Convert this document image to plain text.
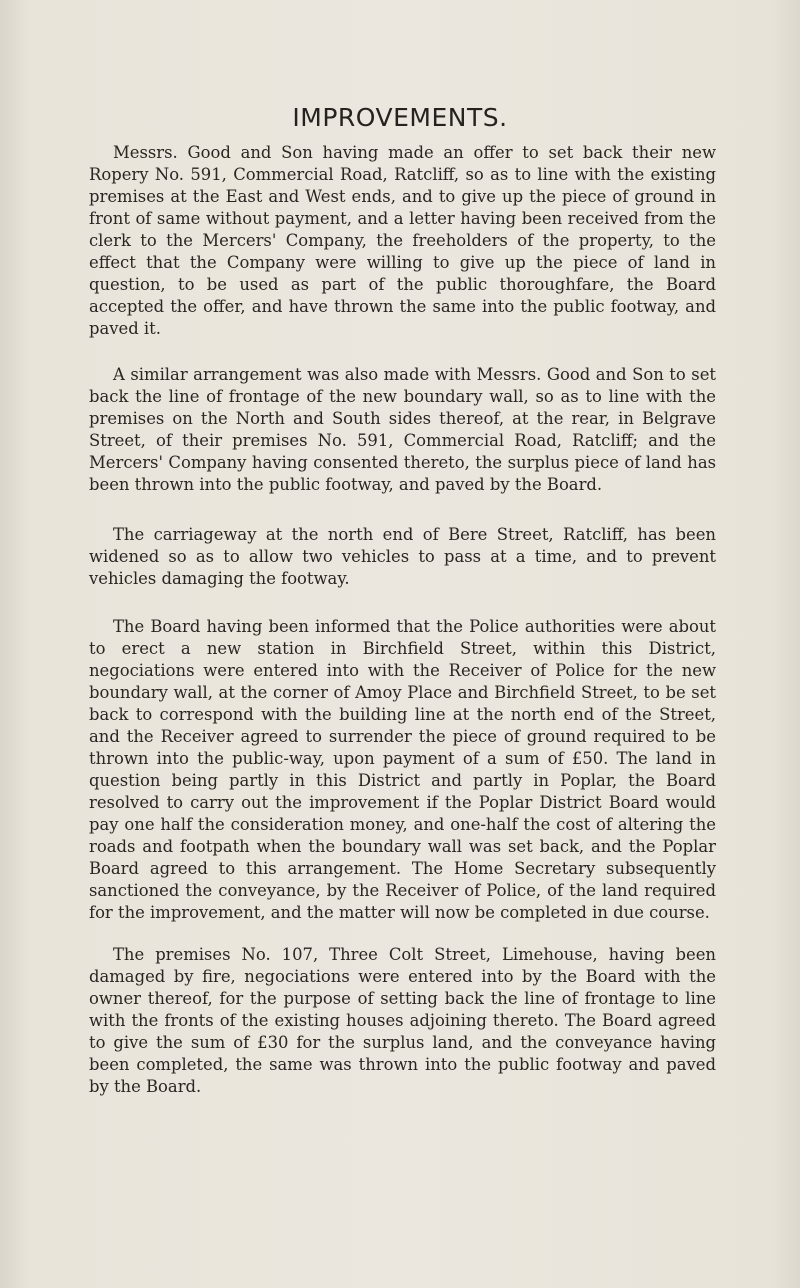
IMPROVEMENTS.

Messrs. Good and Son having made an offer to set back their new Ropery No. 591, Commercial Road, Ratcliff, so as to line with the existing premises at the East and West ends, and to give up the piece of ground in front of same without payment, and a letter having been received from the clerk to the Mercers' Company, the freeholders of the property, to the effect that the Company were willing to give up the piece of land in question, to be used as part of the public thoroughfare, the Board accepted the offer, and have thrown the same into the public footway, and paved it.

A similar arrangement was also made with Messrs. Good and Son to set back the line of frontage of the new boundary wall, so as to line with the premises on the North and South sides thereof, at the rear, in Belgrave Street, of their premises No. 591, Commercial Road, Ratcliff; and the Mercers' Company having consented thereto, the surplus piece of land has been thrown into the public footway, and paved by the Board.

The carriageway at the north end of Bere Street, Ratcliff, has been widened so as to allow two vehicles to pass at a time, and to prevent vehicles damaging the footway.

The Board having been informed that the Police authorities were about to erect a new station in Birchfield Street, within this District, negociations were entered into with the Receiver of Police for the new boundary wall, at the corner of Amoy Place and Birchfield Street, to be set back to correspond with the building line at the north end of the Street, and the Receiver agreed to surrender the piece of ground required to be thrown into the public-way, upon payment of a sum of £50. The land in question being partly in this District and partly in Poplar, the Board resolved to carry out the improvement if the Poplar District Board would pay one half the consideration money, and one-half the cost of altering the roads and footpath when the boundary wall was set back, and the Poplar Board agreed to this arrangement. The Home Secretary subsequently sanctioned the conveyance, by the Receiver of Police, of the land required for the improvement, and the matter will now be completed in due course.

The premises No. 107, Three Colt Street, Limehouse, having been damaged by fire, negociations were entered into by the Board with the owner thereof, for the purpose of setting back the line of frontage to line with the fronts of the existing houses adjoining thereto. The Board agreed to give the sum of £30 for the surplus land, and the conveyance having been completed, the same was thrown into the public footway and paved by the Board.
